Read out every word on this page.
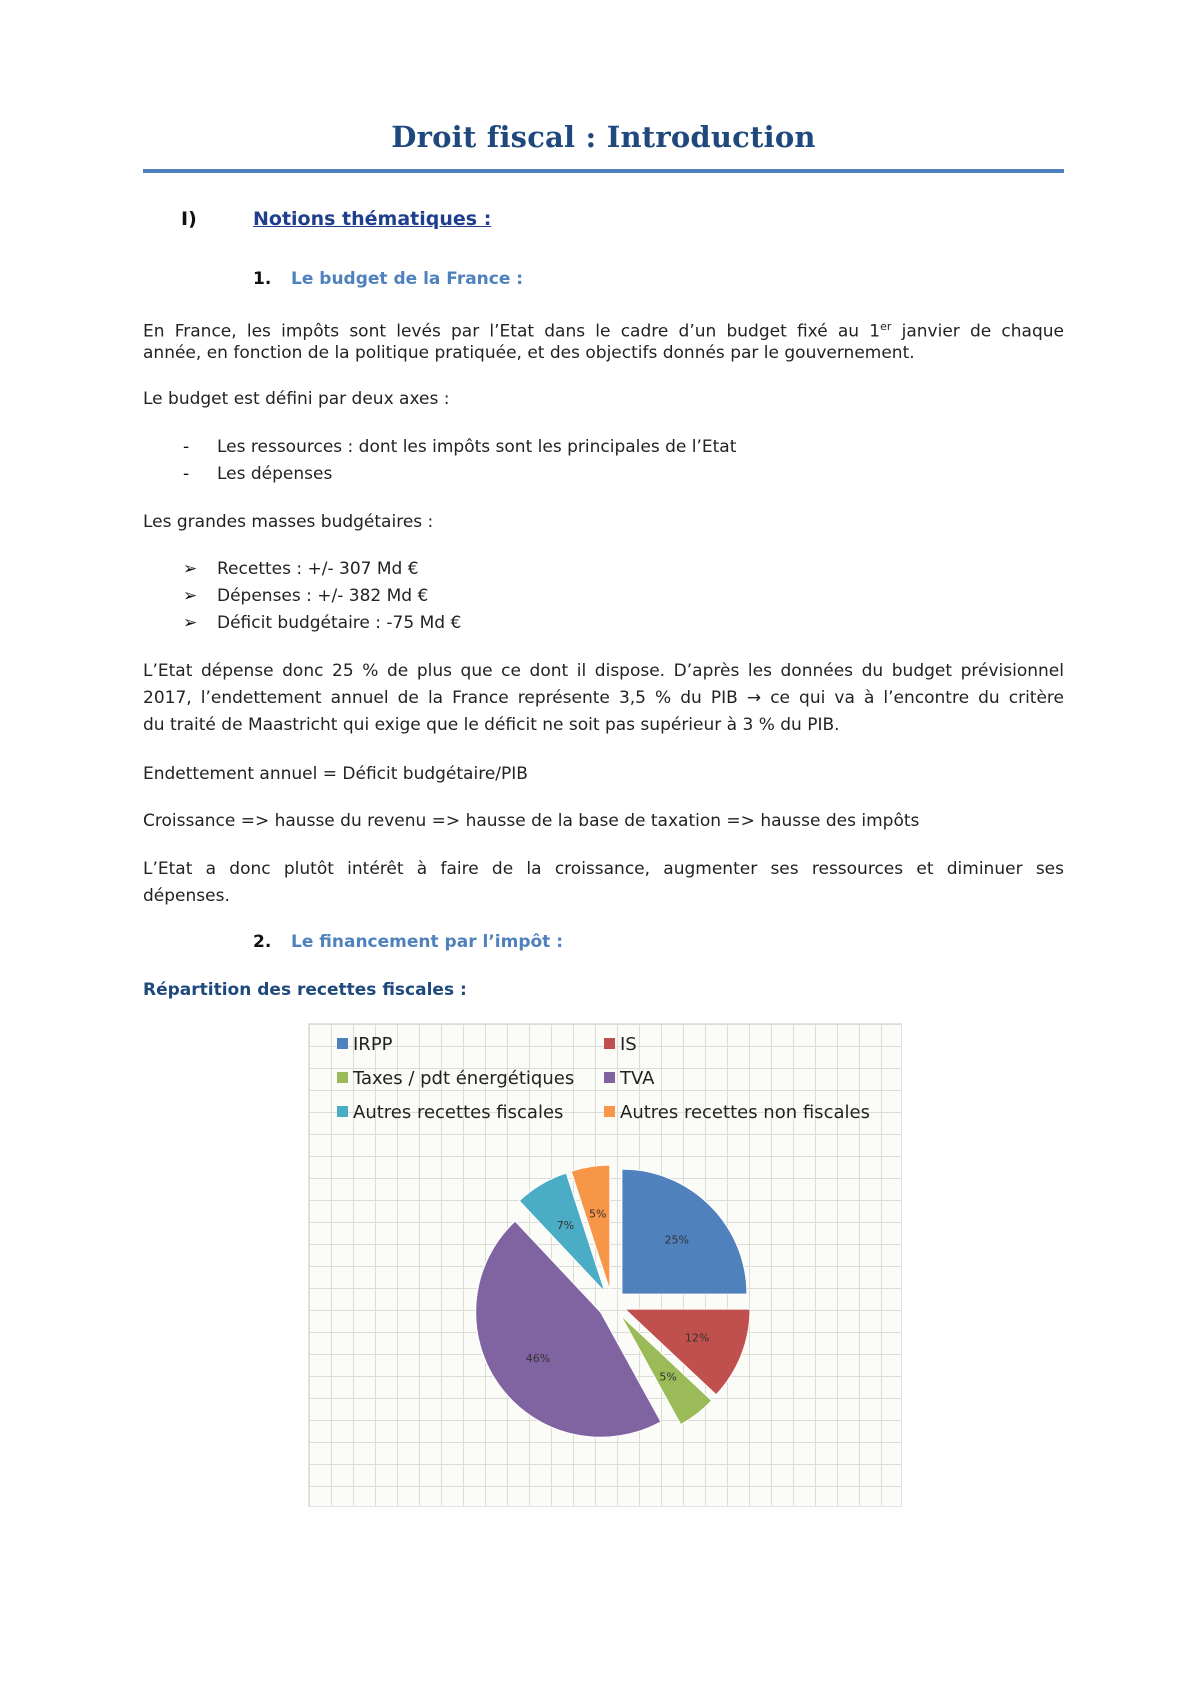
Droit fiscal : Introduction
I)	Notions thématiques :
1. Le budget de la France :
En France, les impôts sont levés par l’Etat dans le cadre d’un budget fixé au 1er janvier de chaque
année, en fonction de la politique pratiquée, et des objectifs donnés par le gouvernement.
Le budget est défini par deux axes :
- Les ressources : dont les impôts sont les principales de l’Etat
- Les dépenses
Les grandes masses budgétaires :
➢ Recettes : +/- 307 Md €
➢ Dépenses : +/- 382 Md €
➢ Déficit budgétaire : -75 Md €
L’Etat dépense donc 25 % de plus que ce dont il dispose. D’après les données du budget prévisionnel
2017, l’endettement annuel de la France représente 3,5 % du PIB → ce qui va à l’encontre du critère
du traité de Maastricht qui exige que le déficit ne soit pas supérieur à 3 % du PIB.
Endettement annuel = Déficit budgétaire/PIB
Croissance => hausse du revenu => hausse de la base de taxation => hausse des impôts
L’Etat a donc plutôt intérêt à faire de la croissance, augmenter ses ressources et diminuer ses
dépenses.
2. Le financement par l’impôt :
Répartition des recettes fiscales :
IRPP	IS
Taxes / pdt énergétiques	TVA
Autres recettes fiscales	Autres recettes non fiscales
25%
12%
5%
46%
7%
5%
